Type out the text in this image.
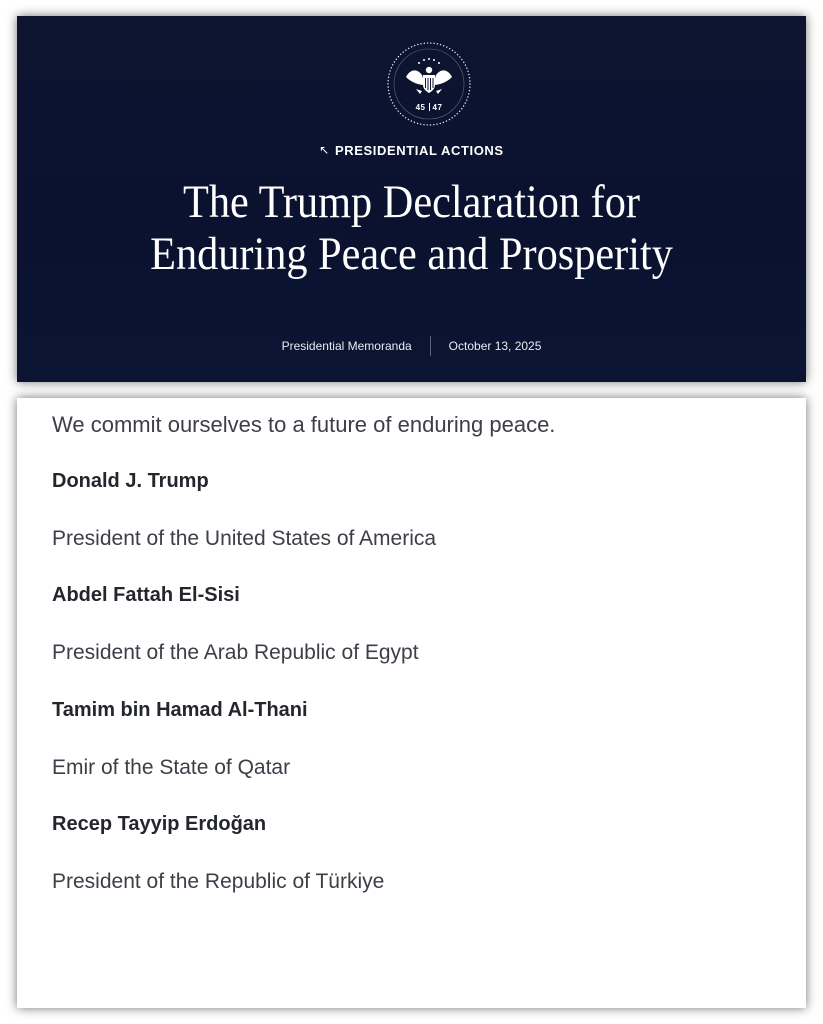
45 47
↖ PRESIDENTIAL ACTIONS
The Trump Declaration for
Enduring Peace and Prosperity
Presidential Memoranda	October 13, 2025

We commit ourselves to a future of enduring peace.

Donald J. Trump

President of the United States of America

Abdel Fattah El-Sisi

President of the Arab Republic of Egypt

Tamim bin Hamad Al-Thani

Emir of the State of Qatar

Recep Tayyip Erdoğan

President of the Republic of Türkiye
